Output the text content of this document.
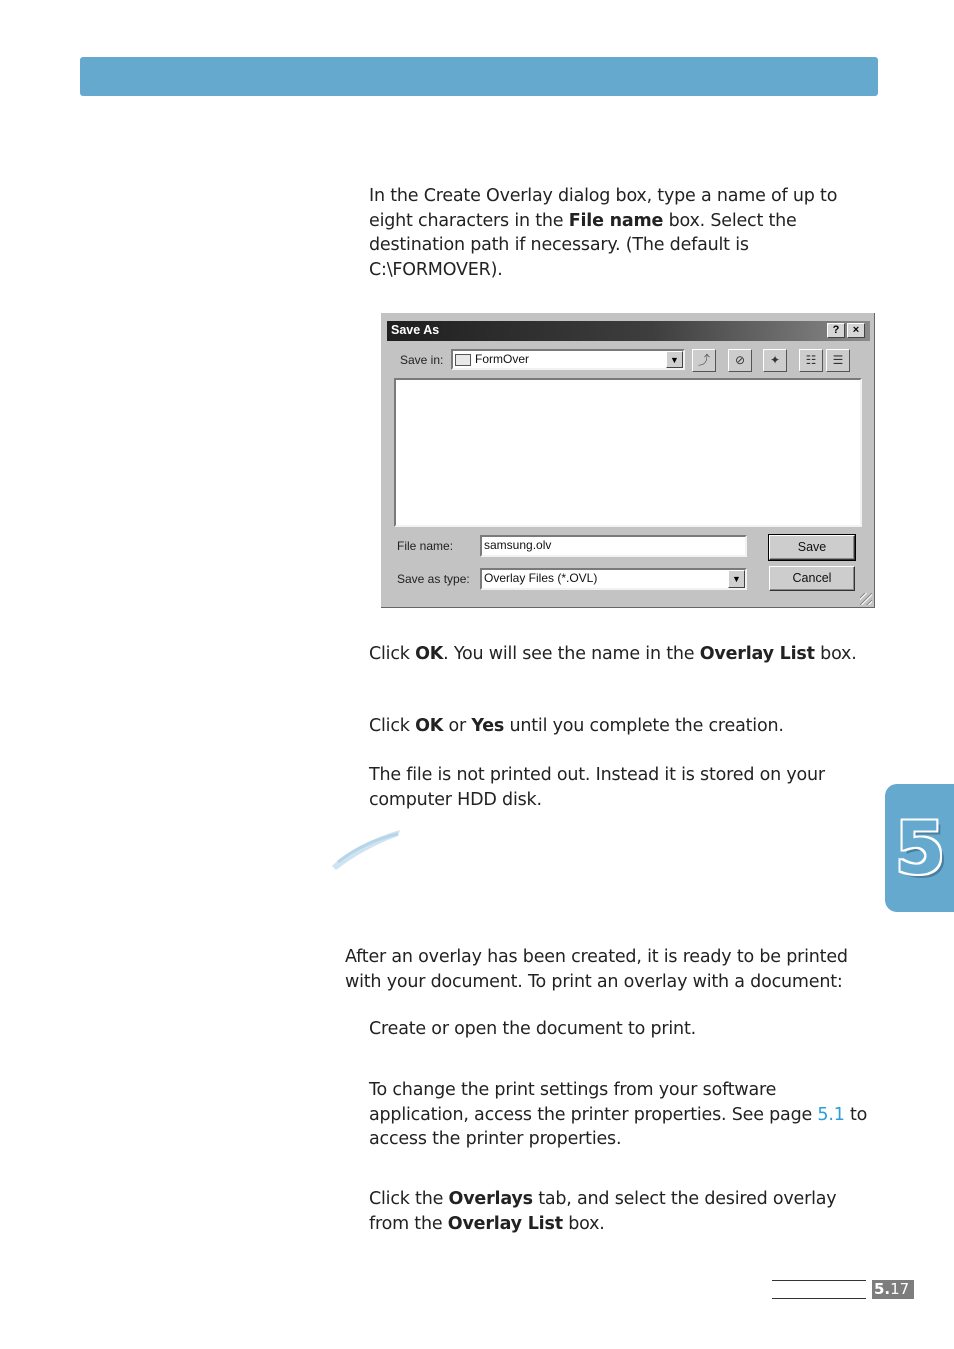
In the Create Overlay dialog box, type a name of up to eight characters in the File name box. Select the destination path if necessary. (The default is C:\FORMOVER).
Save As	?	×
Save in:	FormOver	▼	⤴	⊘	✦	☷	☰
File name:	samsung.olv
Save as type:	Overlay Files (*.OVL)	▼
Save
Cancel
Click OK. You will see the name in the Overlay List box.
Click OK or Yes until you complete the creation.
The file is not printed out. Instead it is stored on your computer HDD disk.
5
After an overlay has been created, it is ready to be printed with your document. To print an overlay with a document:
Create or open the document to print.
To change the print settings from your software application, access the printer properties. See page 5.1 to access the printer properties.
Click the Overlays tab, and select the desired overlay from the Overlay List box.
5.17
